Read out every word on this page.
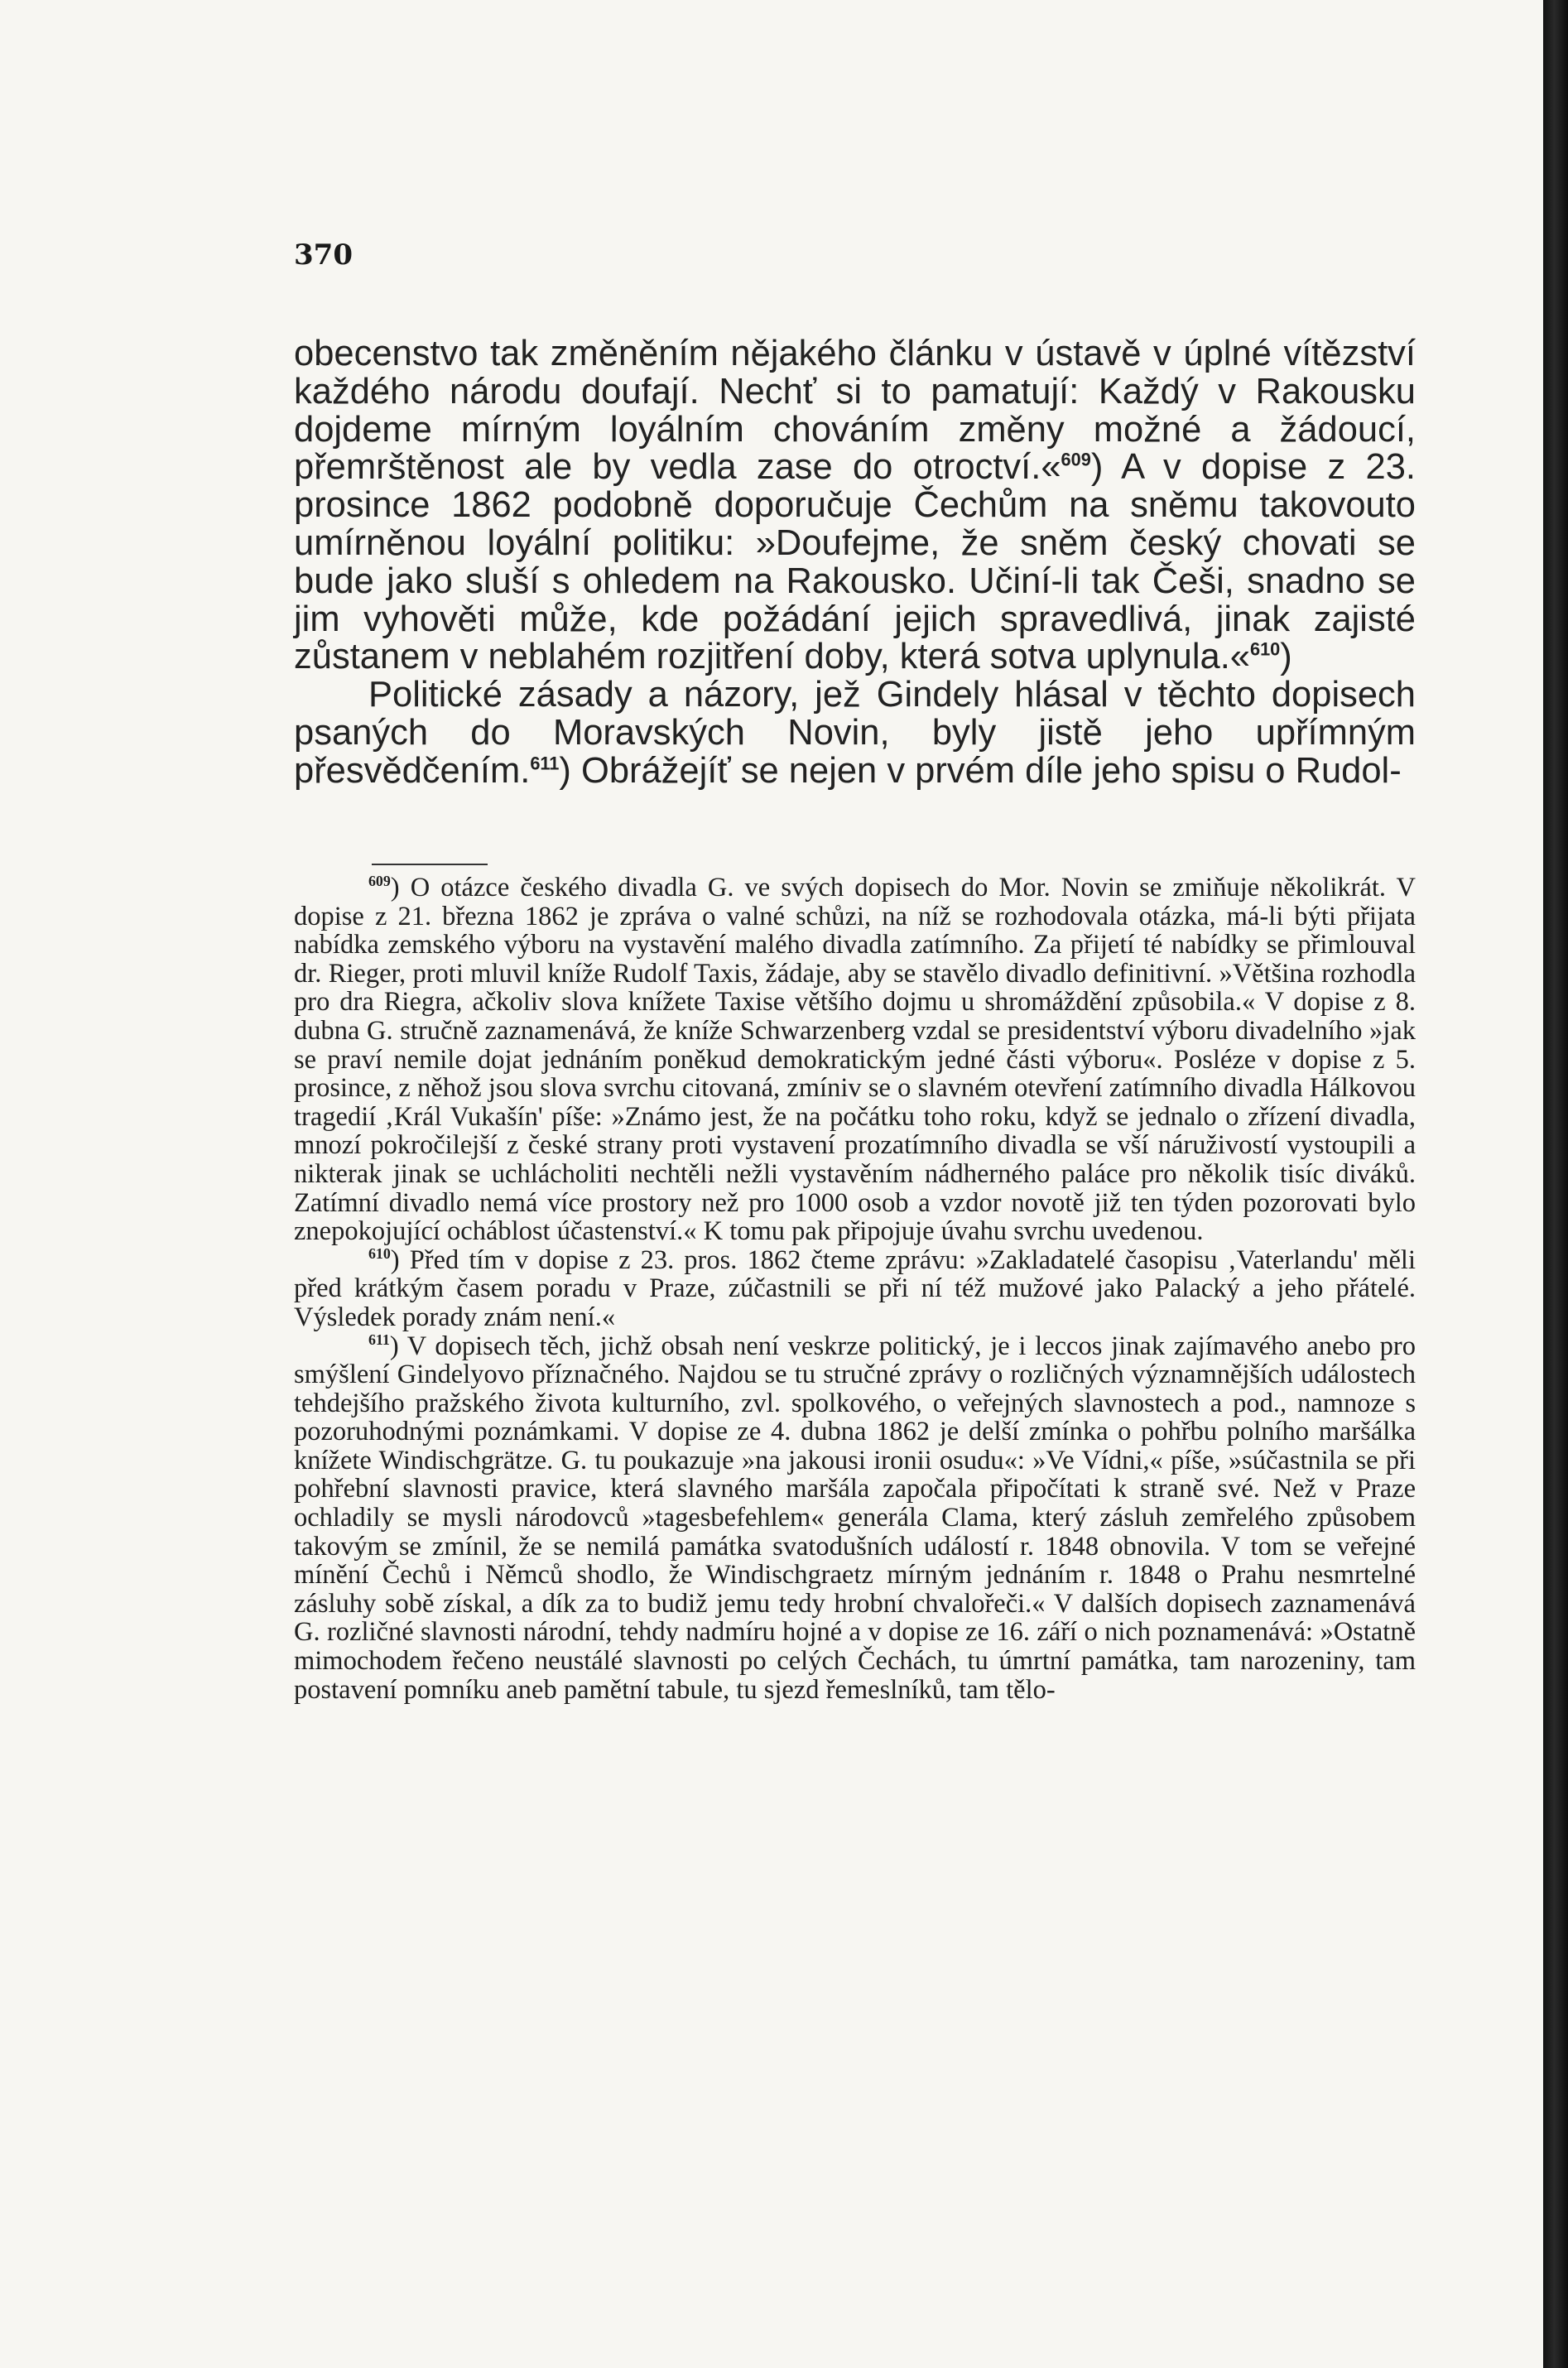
370

obecenstvo tak změněním nějakého článku v ústavě v úplné vítězství každého národu doufají. Nechť si to pamatují: Každý v Rakousku dojdeme mírným loyálním chováním změny možné a žádoucí, přemrštěnost ale by vedla zase do otroctví.«$^{609}$) A v dopise z 23. prosince 1862 podobně doporučuje Čechům na sněmu takovouto umírněnou loyální politiku: »Doufejme, že sněm český chovati se bude jako sluší s ohledem na Rakousko. Učiní-li tak Češi, snadno se jim vyhověti může, kde požádání jejich spravedlivá, jinak zajisté zůstanem v neblahém rozjitření doby, která sotva uplynula.«$^{610}$)

Politické zásady a názory, jež Gindely hlásal v těchto dopisech psaných do Moravských Novin, byly jistě jeho upřímným přesvědčením.$^{611}$) Obrážejíť se nejen v prvém díle jeho spisu o Rudol-

$^{609}$) O otázce českého divadla G. ve svých dopisech do Mor. Novin se zmiňuje několikrát. V dopise z 21. března 1862 je zpráva o valné schůzi, na níž se rozhodovala otázka, má-li býti přijata nabídka zemského výboru na vystavění malého divadla zatímního. Za přijetí té nabídky se přimlouval dr. Rieger, proti mluvil kníže Rudolf Taxis, žádaje, aby se stavělo divadlo definitivní. »Většina rozhodla pro dra Riegra, ačkoliv slova knížete Taxise většího dojmu u shromáždění způsobila.« V dopise z 8. dubna G. stručně zaznamenává, že kníže Schwarzenberg vzdal se presidentství výboru divadelního »jak se praví nemile dojat jednáním poněkud demokratickým jedné části výboru«. Posléze v dopise z 5. prosince, z něhož jsou slova svrchu citovaná, zmíniv se o slavném otevření zatímního divadla Hálkovou tragedií ‚Král Vukašín' píše: »Známo jest, že na počátku toho roku, když se jednalo o zřízení divadla, mnozí pokročilejší z české strany proti vystavení prozatímního divadla se vší náruživostí vystoupili a nikterak jinak se uchlácholiti nechtěli nežli vystavěním nádherného paláce pro několik tisíc diváků. Zatímní divadlo nemá více prostory než pro 1000 osob a vzdor novotě již ten týden pozorovati bylo znepokojující ocháblost účastenství.« K tomu pak připojuje úvahu svrchu uvedenou.

$^{610}$) Před tím v dopise z 23. pros. 1862 čteme zprávu: »Zakladatelé časopisu ‚Vaterlandu' měli před krátkým časem poradu v Praze, zúčastnili se při ní též mužové jako Palacký a jeho přátelé. Výsledek porady znám není.«

$^{611}$) V dopisech těch, jichž obsah není veskrze politický, je i leccos jinak zajímavého anebo pro smýšlení Gindelyovo příznačného. Najdou se tu stručné zprávy o rozličných významnějších událostech tehdejšího pražského života kulturního, zvl. spolkového, o veřejných slavnostech a pod., namnoze s pozoruhodnými poznámkami. V dopise ze 4. dubna 1862 je delší zmínka o pohřbu polního maršálka knížete Windischgrätze. G. tu poukazuje »na jakousi ironii osudu«: »Ve Vídni,« píše, »súčastnila se při pohřební slavnosti pravice, která slavného maršála započala připočítati k straně své. Než v Praze ochladily se mysli národovců »tagesbefehlem« generála Clama, který zásluh zemřelého způsobem takovým se zmínil, že se nemilá památka svatodušních událostí r. 1848 obnovila. V tom se veřejné mínění Čechů i Němců shodlo, že Windischgraetz mírným jednáním r. 1848 o Prahu nesmrtelné zásluhy sobě získal, a dík za to budiž jemu tedy hrobní chvalořeči.« V dalších dopisech zaznamenává G. rozličné slavnosti národní, tehdy nadmíru hojné a v dopise ze 16. září o nich poznamenává: »Ostatně mimochodem řečeno neustálé slavnosti po celých Čechách, tu úmrtní památka, tam narozeniny, tam postavení pomníku aneb pamětní tabule, tu sjezd řemeslníků, tam tělo-
